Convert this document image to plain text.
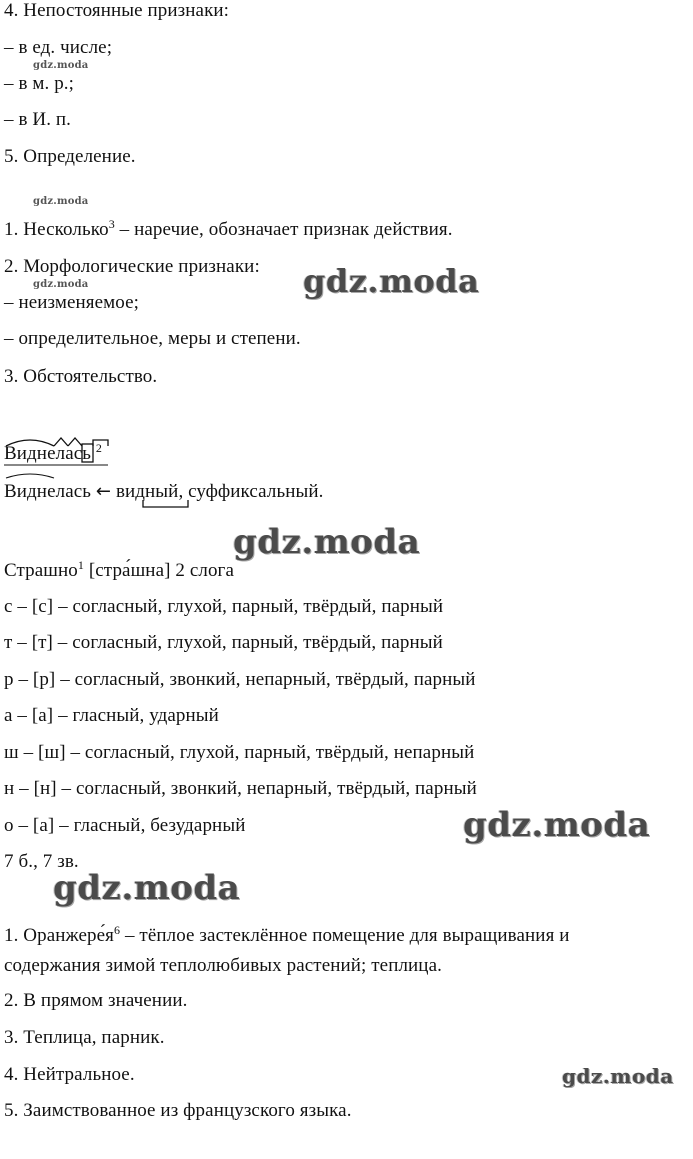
4. Непостоянные признаки:
– в ед. числе;
gdz.moda
– в м. р.;
– в И. п.
5. Определение.
gdz.moda
1. Несколько$^3$ – наречие, обозначает признак действия.
2. Морфологические признаки: gdz.moda
gdz.moda
– неизменяемое;
– определительное, меры и степени.
3. Обстоятельство.
Виднелась $^2$
Виднелась ← видный, суффиксальный.
gdz.moda
Страшно$^1$ [стра́шна] 2 слога
с – [с] – согласный, глухой, парный, твёрдый, парный
т – [т] – согласный, глухой, парный, твёрдый, парный
р – [р] – согласный, звонкий, непарный, твёрдый, парный
а – [а] – гласный, ударный
ш – [ш] – согласный, глухой, парный, твёрдый, непарный
н – [н] – согласный, звонкий, непарный, твёрдый, парный
о – [а] – гласный, безударный	gdz.moda
7 б., 7 зв.
gdz.moda
1. $Оранжере́я^6$ – тёплое застеклённое помещение для выращивания и
содержания зимой теплолюбивых растений; теплица.
2. В прямом значении.
3. Теплица, парник.
4. Нейтральное.	gdz.moda
5. Заимствованное из французского языка.
